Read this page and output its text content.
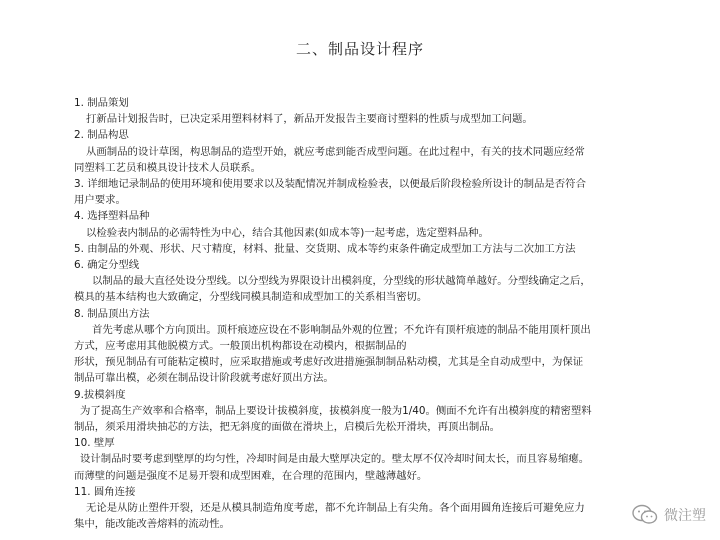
二、制品设计程序
1. 制品策划
打新品计划报告时，已决定采用塑料材料了，新品开发报告主要商讨塑料的性质与成型加工问题。
2. 制品构思
从画制品的设计草图，构思制品的造型开始，就应考虑到能否成型问题。在此过程中，有关的技术同题应经常
同塑料工艺员和模具设计技术人员联系。
3. 详细地记录制品的使用环境和使用要求以及装配情况并制成检验表，以便最后阶段检验所设计的制品是否符合
用户要求。
4. 选择塑料品种
以检验表内制品的必需特性为中心，结合其他因素(如成本等)一起考虑，选定塑料品种。
5. 由制品的外观、形状、尺寸精度，材料、批量、交货期、成本等约束条件确定成型加工方法与二次加工方法
6. 确定分型线
以制品的最大直径处设分型线。以分型线为界限设计出模斜度，分型线的形状越简单越好。分型线确定之后，
模具的基本结构也大致确定，分型线同模具制造和成型加工的关系相当密切。
8. 制品顶出方法
首先考虑从哪个方向顶出。顶杆痕迹应设在不影响制品外观的位置；不允许有顶杆痕迹的制品不能用顶杆顶出
方式，应考虑用其他脱模方式。一般顶出机构都设在动模内，根据制品的
形状，预见制品有可能粘定模时，应采取措施或考虑好改进措施强制制品粘动模，尤其是全自动成型中，为保证
制品可靠出模，必须在制品设计阶段就考虑好顶出方法。
9.拔模斜度
为了提高生产效率和合格率，制品上要设计拔模斜度，拔模斜度一般为1/40。侧面不允许有出模斜度的精密塑料
制品，须采用滑块抽芯的方法，把无斜度的面做在滑块上，启模后先松开滑块，再顶出制品。
10. 壁厚
设计制品时要考虑到壁厚的均匀性，冷却时间是由最大壁厚决定的。壁太厚不仅冷却时间太长，而且容易缩瘪。
而薄壁的问题是强度不足易开裂和成型困难，在合理的范围内，壁越薄越好。
11. 圆角连接
无论是从防止塑件开裂，还是从模具制造角度考虑，都不允许制品上有尖角。各个面用圆角连接后可避免应力
集中，能改能改善熔料的流动性。
微注塑
